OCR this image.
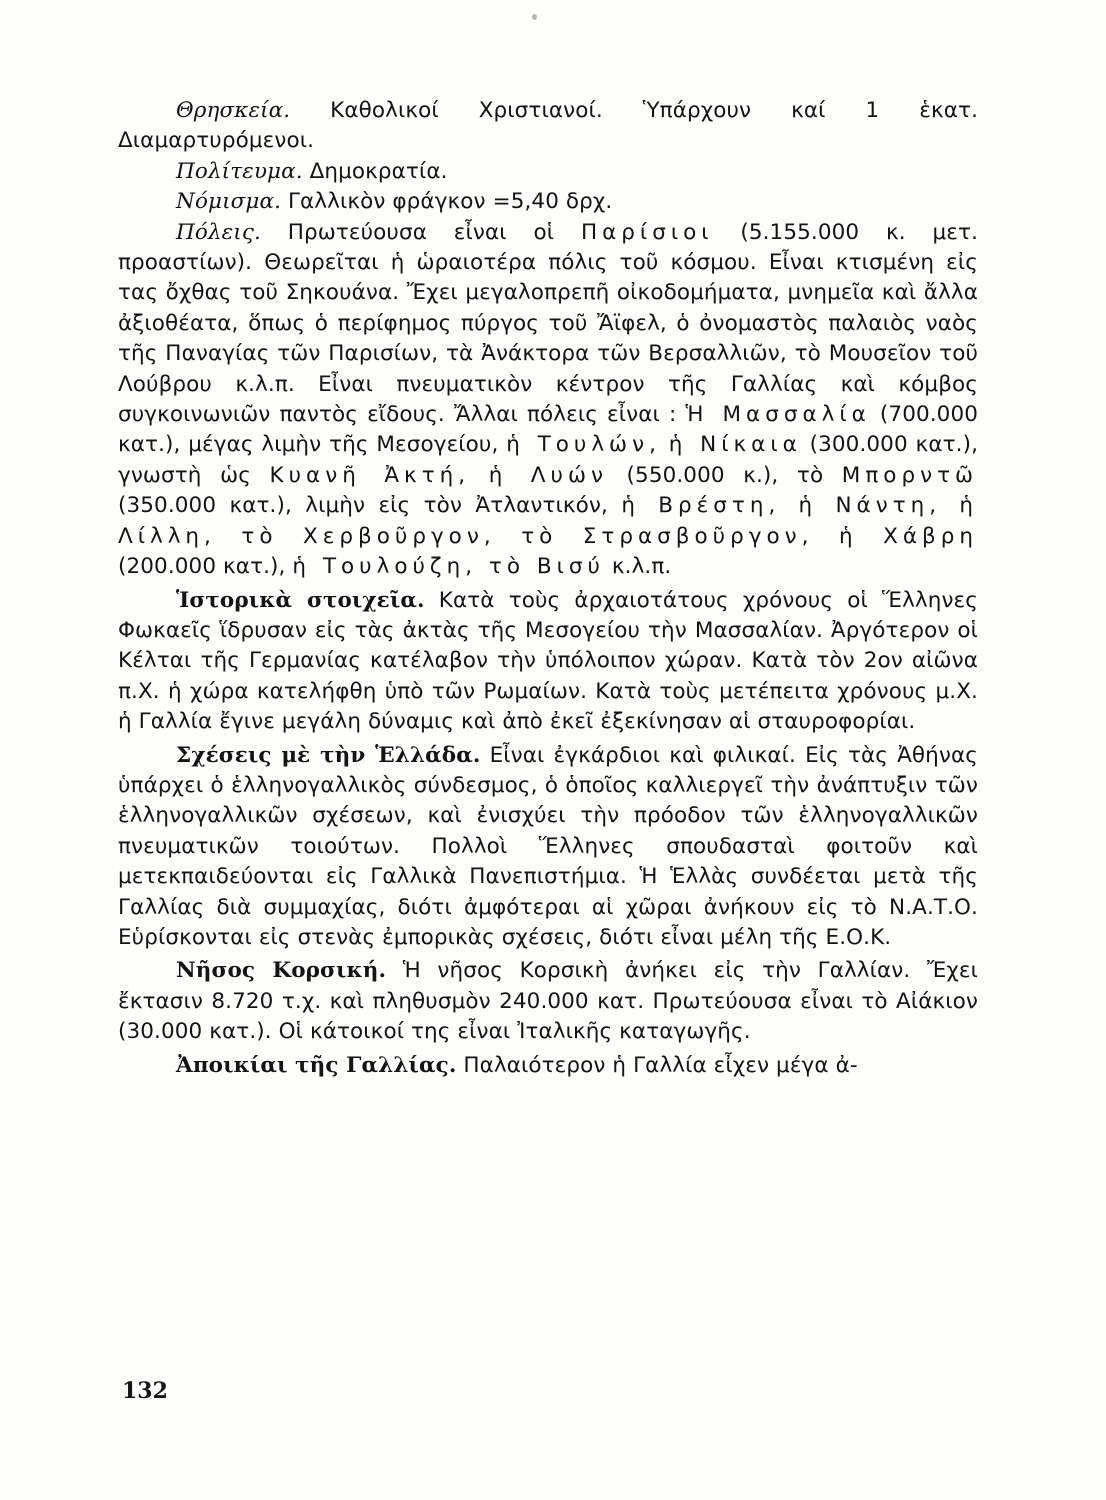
Θρησκεία. Καθολικοί Χριστιανοί. Ὑπάρχουν καί 1 ἑκατ. Διαμαρτυρόμενοι.

Πολίτευμα. Δημοκρατία.

Νόμισμα. Γαλλικὸν φράγκον =5,40 δρχ.

Πόλεις. Πρωτεύουσα εἶναι οἱ Παρίσιοι (5.155.000 κ. μετ. προαστίων). Θεωρεῖται ἡ ὡραιοτέρα πόλις τοῦ κόσμου. Εἶναι κτισμένη εἰς τας ὄχθας τοῦ Σηκουάνα. Ἔχει μεγαλοπρεπῆ οἰκοδομήματα, μνημεῖα καὶ ἄλλα ἀξιοθέατα, ὅπως ὁ περίφημος πύργος τοῦ Ἄϊφελ, ὁ ὀνομαστὸς παλαιὸς ναὸς τῆς Παναγίας τῶν Παρισίων, τὰ Ἀνάκτορα τῶν Βερσαλλιῶν, τὸ Μουσεῖον τοῦ Λούβρου κ.λ.π. Εἶναι πνευματικὸν κέντρον τῆς Γαλλίας καὶ κόμβος συγκοινωνιῶν παντὸς εἴδους. Ἄλλαι πόλεις εἶναι : Ἡ Μασσαλία (700.000 κατ.), μέγας λιμὴν τῆς Μεσογείου, ἡ Τουλών, ἡ Νίκαια (300.000 κατ.), γνωστὴ ὡς Κυανῆ Ἀκτή, ἡ Λυών (550.000 κ.), τὸ Μπορντῶ (350.000 κατ.), λιμὴν εἰς τὸν Ἀτλαντικόν, ἡ Βρέστη, ἡ Νάντη, ἡ Λίλλη, τὸ Χερβοῦργον, τὸ Στρασβοῦργον, ἡ Χάβρη (200.000 κατ.), ἡ Τουλούζη, τὸ Βισύ κ.λ.π.

Ἱστορικὰ στοιχεῖα. Κατὰ τοὺς ἀρχαιοτάτους χρόνους οἱ Ἕλληνες Φωκαεῖς ἵδρυσαν εἰς τὰς ἀκτὰς τῆς Μεσογείου τὴν Μασσαλίαν. Ἀργότερον οἱ Κέλται τῆς Γερμανίας κατέλαβον τὴν ὑπόλοιπον χώραν. Κατὰ τὸν 2ον αἰῶνα π.Χ. ἡ χώρα κατελήφθη ὑπὸ τῶν Ρωμαίων. Κατὰ τοὺς μετέπειτα χρόνους μ.Χ. ἡ Γαλλία ἔγινε μεγάλη δύναμις καὶ ἀπὸ ἐκεῖ ἐξεκίνησαν αἱ σταυροφορίαι.

Σχέσεις μὲ τὴν Ἑλλάδα. Εἶναι ἐγκάρδιοι καὶ φιλικαί. Εἰς τὰς Ἀθήνας ὑπάρχει ὁ ἑλληνογαλλικὸς σύνδεσμος, ὁ ὁποῖος καλλιεργεῖ τὴν ἀνάπτυξιν τῶν ἑλληνογαλλικῶν σχέσεων, καὶ ἐνισχύει τὴν πρόοδον τῶν ἑλληνογαλλικῶν πνευματικῶν τοιούτων. Πολλοὶ Ἕλληνες σπουδασταὶ φοιτοῦν καὶ μετεκπαιδεύονται εἰς Γαλλικὰ Πανεπιστήμια. Ἡ Ἑλλὰς συνδέεται μετὰ τῆς Γαλλίας διὰ συμμαχίας, διότι ἀμφότεραι αἱ χῶραι ἀνήκουν εἰς τὸ Ν.Α.Τ.Ο. Εὑρίσκονται εἰς στενὰς ἐμπορικὰς σχέσεις, διότι εἶναι μέλη τῆς Ε.Ο.Κ.

Νῆσος Κορσική. Ἡ νῆσος Κορσικὴ ἀνήκει εἰς τὴν Γαλλίαν. Ἔχει ἔκτασιν 8.720 τ.χ. καὶ πληθυσμὸν 240.000 κατ. Πρωτεύουσα εἶναι τὸ Αἰάκιον (30.000 κατ.). Οἱ κάτοικοί της εἶναι Ἰταλικῆς καταγωγῆς.

Ἀποικίαι τῆς Γαλλίας. Παλαιότερον ἡ Γαλλία εἶχεν μέγα ἀ-

132
